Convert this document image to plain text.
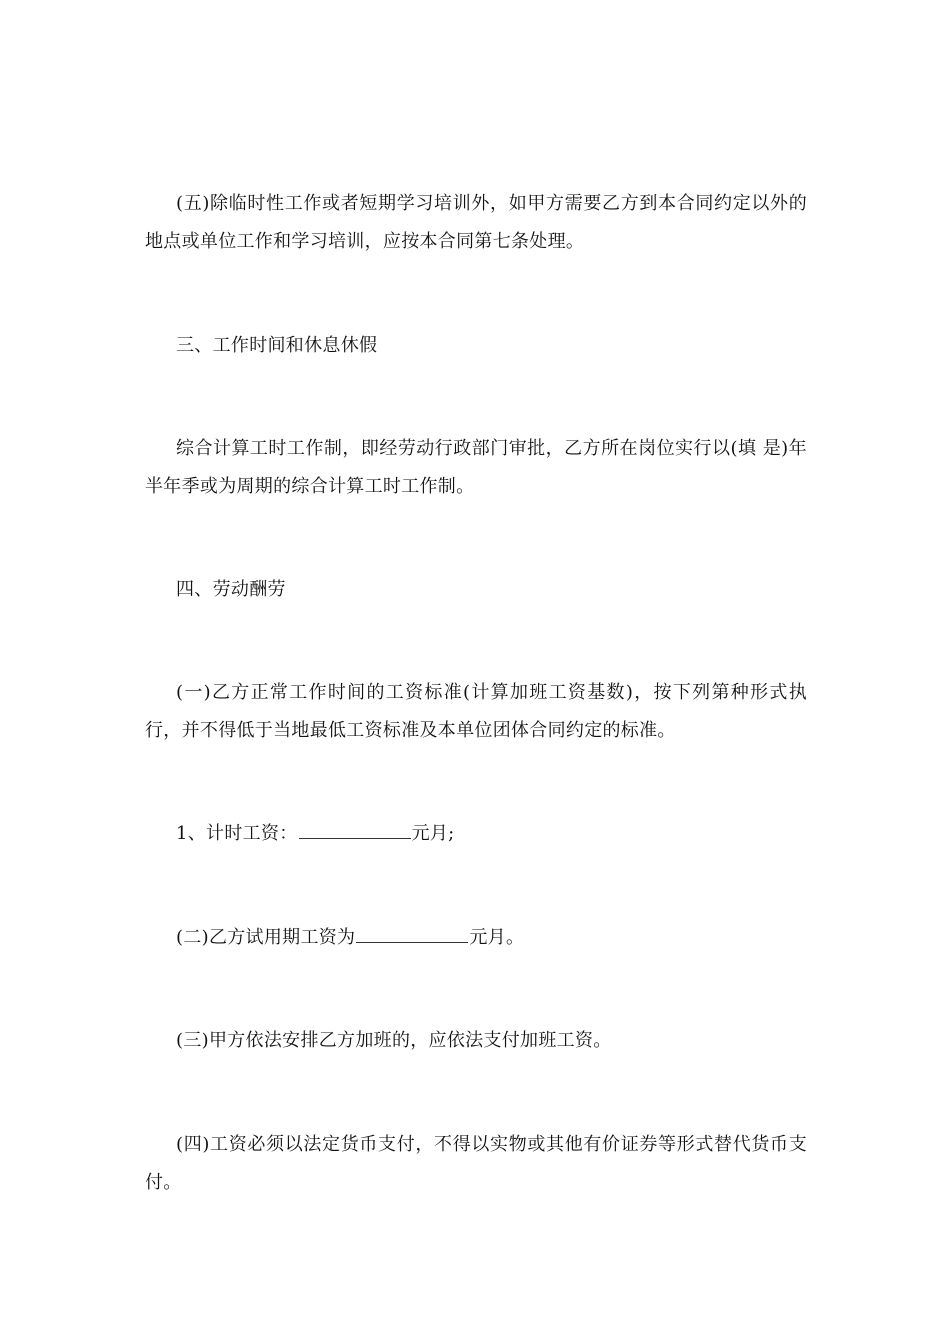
(五)除临时性工作或者短期学习培训外，如甲方需要乙方到本合同约定以外的地点或单位工作和学习培训，应按本合同第七条处理。

三、工作时间和休息休假

综合计算工时工作制，即经劳动行政部门审批，乙方所在岗位实行以(填 是)年半年季或为周期的综合计算工时工作制。

四、劳动酬劳

(一)乙方正常工作时间的工资标准(计算加班工资基数)，按下列第种形式执行，并不得低于当地最低工资标准及本单位团体合同约定的标准。

1、计时工资：	元月;

(二)乙方试用期工资为	元月。

(三)甲方依法安排乙方加班的，应依法支付加班工资。

(四)工资必须以法定货币支付，不得以实物或其他有价证券等形式替代货币支付。
